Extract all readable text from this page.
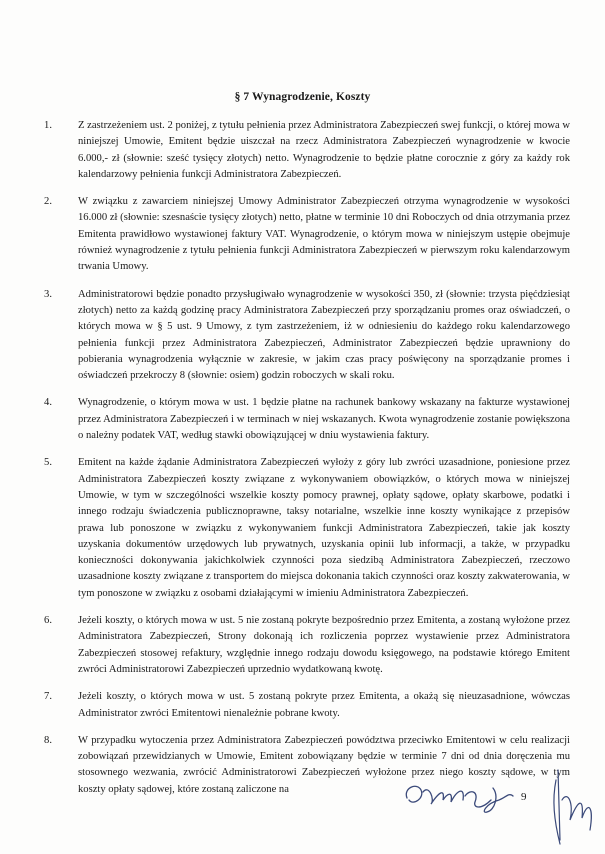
§ 7 Wynagrodzenie, Koszty
1. Z zastrzeżeniem ust. 2 poniżej, z tytułu pełnienia przez Administratora Zabezpieczeń swej funkcji, o której mowa w niniejszej Umowie, Emitent będzie uiszczał na rzecz Administratora Zabezpieczeń wynagrodzenie w kwocie 6.000,- zł (słownie: sześć tysięcy złotych) netto. Wynagrodzenie to będzie płatne corocznie z góry za każdy rok kalendarzowy pełnienia funkcji Administratora Zabezpieczeń.
2. W związku z zawarciem niniejszej Umowy Administrator Zabezpieczeń otrzyma wynagrodzenie w wysokości 16.000 zł (słownie: szesnaście tysięcy złotych) netto, płatne w terminie 10 dni Roboczych od dnia otrzymania przez Emitenta prawidłowo wystawionej faktury VAT. Wynagrodzenie, o którym mowa w niniejszym ustępie obejmuje również wynagrodzenie z tytułu pełnienia funkcji Administratora Zabezpieczeń w pierwszym roku kalendarzowym trwania Umowy.
3. Administratorowi będzie ponadto przysługiwało wynagrodzenie w wysokości 350, zł (słownie: trzysta pięćdziesiąt złotych) netto za każdą godzinę pracy Administratora Zabezpieczeń przy sporządzaniu promes oraz oświadczeń, o których mowa w § 5 ust. 9 Umowy, z tym zastrzeżeniem, iż w odniesieniu do każdego roku kalendarzowego pełnienia funkcji przez Administratora Zabezpieczeń, Administrator Zabezpieczeń będzie uprawniony do pobierania wynagrodzenia wyłącznie w zakresie, w jakim czas pracy poświęcony na sporządzanie promes i oświadczeń przekroczy 8 (słownie: osiem) godzin roboczych w skali roku.
4. Wynagrodzenie, o którym mowa w ust. 1 będzie płatne na rachunek bankowy wskazany na fakturze wystawionej przez Administratora Zabezpieczeń i w terminach w niej wskazanych. Kwota wynagrodzenie zostanie powiększona o należny podatek VAT, według stawki obowiązującej w dniu wystawienia faktury.
5. Emitent na każde żądanie Administratora Zabezpieczeń wyłoży z góry lub zwróci uzasadnione, poniesione przez Administratora Zabezpieczeń koszty związane z wykonywaniem obowiązków, o których mowa w niniejszej Umowie, w tym w szczególności wszelkie koszty pomocy prawnej, opłaty sądowe, opłaty skarbowe, podatki i innego rodzaju świadczenia publicznoprawne, taksy notarialne, wszelkie inne koszty wynikające z przepisów prawa lub ponoszone w związku z wykonywaniem funkcji Administratora Zabezpieczeń, takie jak koszty uzyskania dokumentów urzędowych lub prywatnych, uzyskania opinii lub informacji, a także, w przypadku konieczności dokonywania jakichkolwiek czynności poza siedzibą Administratora Zabezpieczeń, rzeczowo uzasadnione koszty związane z transportem do miejsca dokonania takich czynności oraz koszty zakwaterowania, w tym ponoszone w związku z osobami działającymi w imieniu Administratora Zabezpieczeń.
6. Jeżeli koszty, o których mowa w ust. 5 nie zostaną pokryte bezpośrednio przez Emitenta, a zostaną wyłożone przez Administratora Zabezpieczeń, Strony dokonają ich rozliczenia poprzez wystawienie przez Administratora Zabezpieczeń stosowej refaktury, względnie innego rodzaju dowodu księgowego, na podstawie którego Emitent zwróci Administratorowi Zabezpieczeń uprzednio wydatkowaną kwotę.
7. Jeżeli koszty, o których mowa w ust. 5 zostaną pokryte przez Emitenta, a okażą się nieuzasadnione, wówczas Administrator zwróci Emitentowi nienależnie pobrane kwoty.
8. W przypadku wytoczenia przez Administratora Zabezpieczeń powództwa przeciwko Emitentowi w celu realizacji zobowiązań przewidzianych w Umowie, Emitent zobowiązany będzie w terminie 7 dni od dnia doręczenia mu stosownego wezwania, zwrócić Administratorowi Zabezpieczeń wyłożone przez niego koszty sądowe, w tym koszty opłaty sądowej, które zostaną zaliczone na
9
